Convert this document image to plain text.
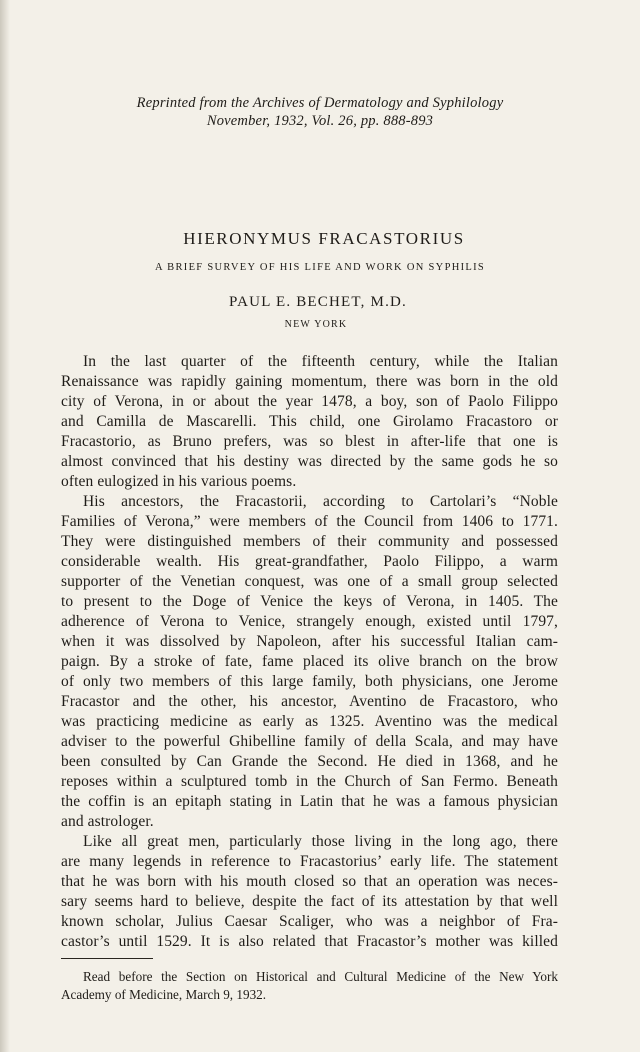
Reprinted from the Archives of Dermatology and Syphilology
November, 1932, Vol. 26, pp. 888-893
HIERONYMUS FRACASTORIUS
A BRIEF SURVEY OF HIS LIFE AND WORK ON SYPHILIS
PAUL E. BECHET, M.D.
NEW YORK
In the last quarter of the fifteenth century, while the Italian
Renaissance was rapidly gaining momentum, there was born in the old
city of Verona, in or about the year 1478, a boy, son of Paolo Filippo
and Camilla de Mascarelli. This child, one Girolamo Fracastoro or
Fracastorio, as Bruno prefers, was so blest in after-life that one is
almost convinced that his destiny was directed by the same gods he so
often eulogized in his various poems.
His ancestors, the Fracastorii, according to Cartolari’s “Noble
Families of Verona,” were members of the Council from 1406 to 1771.
They were distinguished members of their community and possessed
considerable wealth. His great-grandfather, Paolo Filippo, a warm
supporter of the Venetian conquest, was one of a small group selected
to present to the Doge of Venice the keys of Verona, in 1405. The
adherence of Verona to Venice, strangely enough, existed until 1797,
when it was dissolved by Napoleon, after his successful Italian cam-
paign. By a stroke of fate, fame placed its olive branch on the brow
of only two members of this large family, both physicians, one Jerome
Fracastor and the other, his ancestor, Aventino de Fracastoro, who
was practicing medicine as early as 1325. Aventino was the medical
adviser to the powerful Ghibelline family of della Scala, and may have
been consulted by Can Grande the Second. He died in 1368, and he
reposes within a sculptured tomb in the Church of San Fermo. Beneath
the coffin is an epitaph stating in Latin that he was a famous physician
and astrologer.
Like all great men, particularly those living in the long ago, there
are many legends in reference to Fracastorius’ early life. The statement
that he was born with his mouth closed so that an operation was neces-
sary seems hard to believe, despite the fact of its attestation by that well
known scholar, Julius Caesar Scaliger, who was a neighbor of Fra-
castor’s until 1529. It is also related that Fracastor’s mother was killed
Read before the Section on Historical and Cultural Medicine of the New York
Academy of Medicine, March 9, 1932.
